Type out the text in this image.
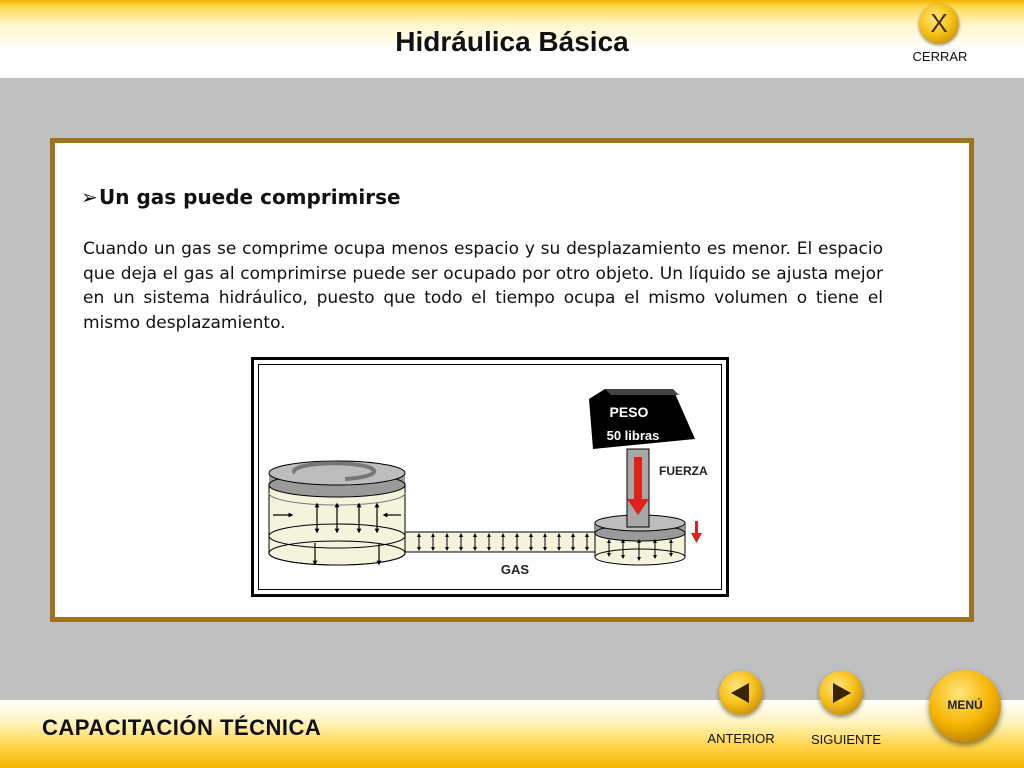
Hidráulica Básica
X
CERRAR
➢Un gas puede comprimirse

Cuando un gas se comprime ocupa menos espacio y su desplazamiento es menor. El espacio que deja el gas al comprimirse puede ser ocupado por otro objeto. Un líquido se ajusta mejor en un sistema hidráulico, puesto que todo el tiempo ocupa el mismo volumen o tiene el mismo desplazamiento.

PESO
50 libras
FUERZA
GAS
CAPACITACIÓN TÉCNICA	ANTERIOR	SIGUIENTE
MENÚ
